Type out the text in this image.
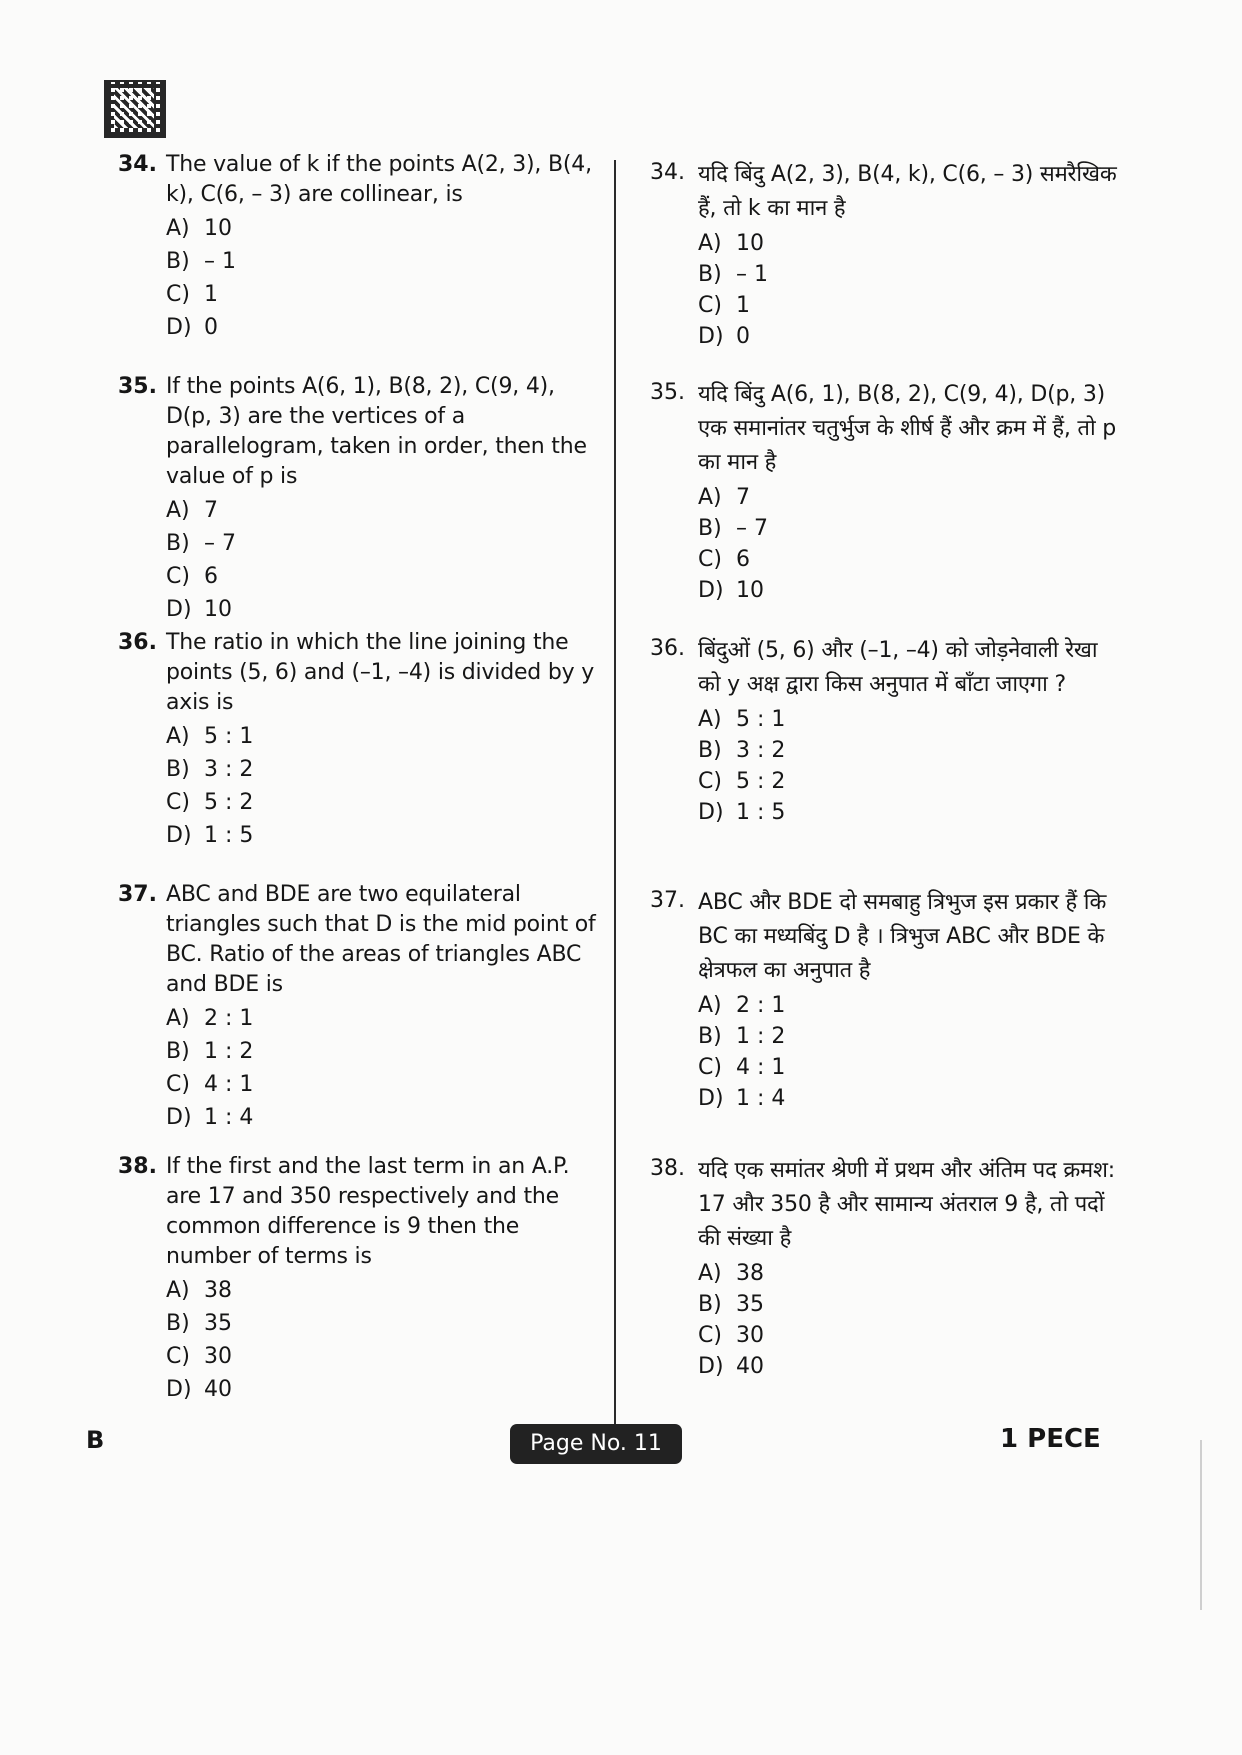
34. The value of k if the points A(2, 3), B(4, k), C(6, – 3) are collinear, is
A) 10
B) – 1
C) 1
D) 0
35. If the points A(6, 1), B(8, 2), C(9, 4), D(p, 3) are the vertices of a parallelogram, taken in order, then the value of p is
A) 7
B) – 7
C) 6
D) 10
36. The ratio in which the line joining the points (5, 6) and (–1, –4) is divided by y axis is
A) 5 : 1
B) 3 : 2
C) 5 : 2
D) 1 : 5
37. ABC and BDE are two equilateral triangles such that D is the mid point of BC. Ratio of the areas of triangles ABC and BDE is
A) 2 : 1
B) 1 : 2
C) 4 : 1
D) 1 : 4
38. If the first and the last term in an A.P. are 17 and 350 respectively and the common difference is 9 then the number of terms is
A) 38
B) 35
C) 30
D) 40
34. यदि बिंदु A(2, 3), B(4, k), C(6, – 3) समरैखिक हैं, तो k का मान है
A) 10
B) – 1
C) 1
D) 0
35. यदि बिंदु A(6, 1), B(8, 2), C(9, 4), D(p, 3) एक समानांतर चतुर्भुज के शीर्ष हैं और क्रम में हैं, तो p का मान है
A) 7
B) – 7
C) 6
D) 10
36. बिंदुओं (5, 6) और (–1, –4) को जोड़नेवाली रेखा को y अक्ष द्वारा किस अनुपात में बाँटा जाएगा ?
A) 5 : 1
B) 3 : 2
C) 5 : 2
D) 1 : 5
37. ABC और BDE दो समबाहु त्रिभुज इस प्रकार हैं कि BC का मध्यबिंदु D है । त्रिभुज ABC और BDE के क्षेत्रफल का अनुपात है
A) 2 : 1
B) 1 : 2
C) 4 : 1
D) 1 : 4
38. यदि एक समांतर श्रेणी में प्रथम और अंतिम पद क्रमश: 17 और 350 है और सामान्य अंतराल 9 है, तो पदों की संख्या है
A) 38
B) 35
C) 30
D) 40
B	Page No. 11	1 PECE
